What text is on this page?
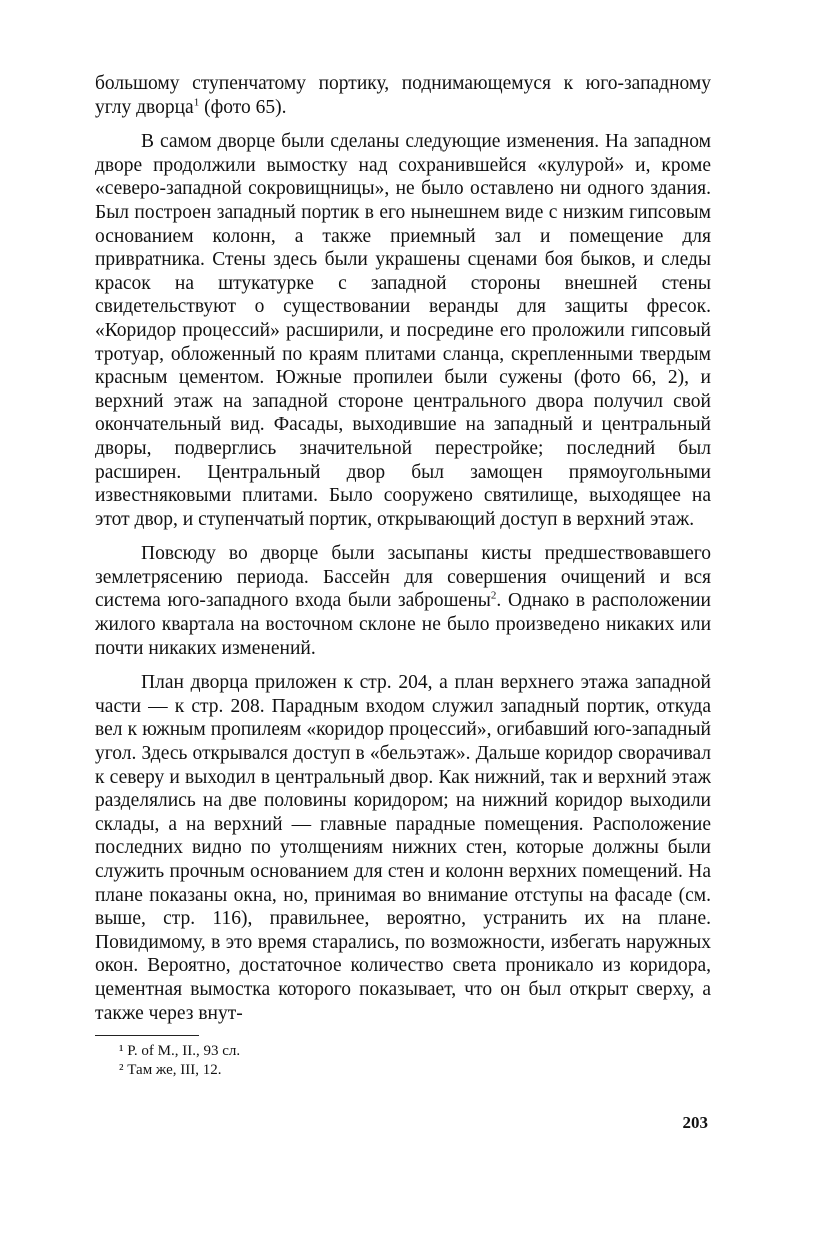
большому ступенчатому портику, поднимающемуся к юго-западному углу дворца$^1$ (фото 65).

В самом дворце были сделаны следующие изменения. На западном дворе продолжили вымостку над сохранившейся «кулурой» и, кроме «северо-западной сокровищницы», не было оставлено ни одного здания. Был построен западный портик в его нынешнем виде с низким гипсовым основанием колонн, а также приемный зал и помещение для привратника. Стены здесь были украшены сценами боя быков, и следы красок на штукатурке с западной стороны внешней стены свидетельствуют о существовании веранды для защиты фресок. «Коридор процессий» расширили, и посредине его проложили гипсовый тротуар, обложенный по краям плитами сланца, скрепленными твердым красным цементом. Южные пропилеи были сужены (фото 66, 2), и верхний этаж на западной стороне центрального двора получил свой окончательный вид. Фасады, выходившие на западный и центральный дворы, подверглись значительной перестройке; последний был расширен. Центральный двор был замощен прямоугольными известняковыми плитами. Было сооружено святилище, выходящее на этот двор, и ступенчатый портик, открывающий доступ в верхний этаж.

Повсюду во дворце были засыпаны кисты предшествовавшего землетрясению периода. Бассейн для совершения очищений и вся система юго-западного входа были заброшены$^2$. Однако в расположении жилого квартала на восточном склоне не было произведено никаких или почти никаких изменений.

План дворца приложен к стр. 204, а план верхнего этажа западной части — к стр. 208. Парадным входом служил западный портик, откуда вел к южным пропилеям «коридор процессий», огибавший юго-западный угол. Здесь открывался доступ в «бельэтаж». Дальше коридор сворачивал к северу и выходил в центральный двор. Как нижний, так и верхний этаж разделялись на две половины коридором; на нижний коридор выходили склады, а на верхний — главные парадные помещения. Расположение последних видно по утолщениям нижних стен, которые должны были служить прочным основанием для стен и колонн верхних помещений. На плане показаны окна, но, принимая во внимание отступы на фасаде (см. выше, стр. 116), правильнее, вероятно, устранить их на плане. Повидимому, в это время старались, по возможности, избегать наружных окон. Вероятно, достаточное количество света проникало из коридора, цементная вымостка которого показывает, что он был открыт сверху, а также через внут-

¹ P. of M., II., 93 сл.
² Там же, III, 12.
203
